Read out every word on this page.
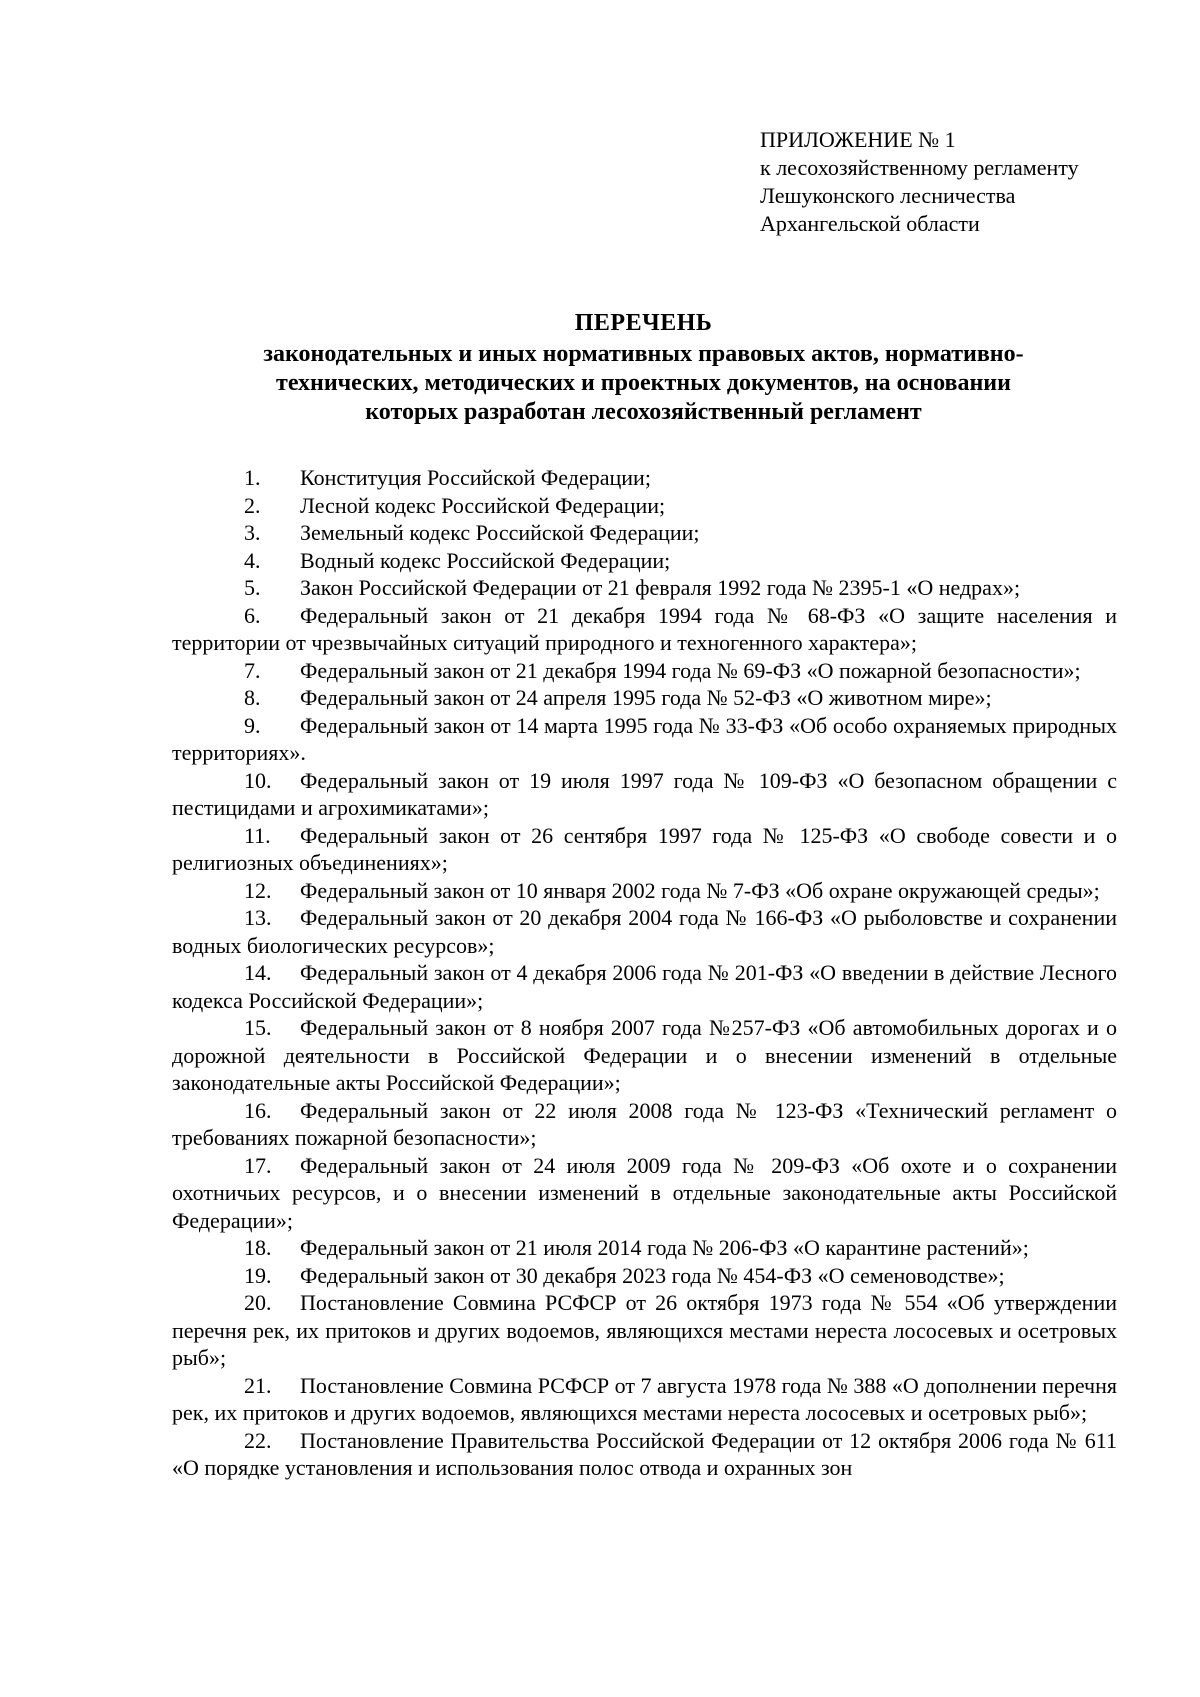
ПРИЛОЖЕНИЕ № 1
к лесохозяйственному регламенту
Лешуконского лесничества
Архангельской области
ПЕРЕЧЕНЬ
законодательных и иных нормативных правовых актов, нормативно-
технических, методических и проектных документов, на основании
которых разработан лесохозяйственный регламент
1. Конституция Российской Федерации;
2. Лесной кодекс Российской Федерации;
3. Земельный кодекс Российской Федерации;
4. Водный кодекс Российской Федерации;
5. Закон Российской Федерации от 21 февраля 1992 года № 2395-1 «О недрах»;
6. Федеральный закон от 21 декабря 1994 года № 68-ФЗ «О защите населения и территории от чрезвычайных ситуаций природного и техногенного характера»;
7. Федеральный закон от 21 декабря 1994 года № 69-ФЗ «О пожарной безопасности»;
8. Федеральный закон от 24 апреля 1995 года № 52-ФЗ «О животном мире»;
9. Федеральный закон от 14 марта 1995 года № 33-ФЗ «Об особо охраняемых природных территориях».
10. Федеральный закон от 19 июля 1997 года № 109-ФЗ «О безопасном обращении с пестицидами и агрохимикатами»;
11. Федеральный закон от 26 сентября 1997 года № 125-ФЗ «О свободе совести и о религиозных объединениях»;
12. Федеральный закон от 10 января 2002 года № 7-ФЗ «Об охране окружающей среды»;
13. Федеральный закон от 20 декабря 2004 года № 166-ФЗ «О рыболовстве и сохранении водных биологических ресурсов»;
14. Федеральный закон от 4 декабря 2006 года № 201-ФЗ «О введении в действие Лесного кодекса Российской Федерации»;
15. Федеральный закон от 8 ноября 2007 года №257-ФЗ «Об автомобильных дорогах и о дорожной деятельности в Российской Федерации и о внесении изменений в отдельные законодательные акты Российской Федерации»;
16. Федеральный закон от 22 июля 2008 года № 123-ФЗ «Технический регламент о требованиях пожарной безопасности»;
17. Федеральный закон от 24 июля 2009 года № 209-ФЗ «Об охоте и о сохранении охотничьих ресурсов, и о внесении изменений в отдельные законодательные акты Российской Федерации»;
18. Федеральный закон от 21 июля 2014 года № 206-ФЗ «О карантине растений»;
19. Федеральный закон от 30 декабря 2023 года № 454-ФЗ «О семеноводстве»;
20. Постановление Совмина РСФСР от 26 октября 1973 года № 554 «Об утверждении перечня рек, их притоков и других водоемов, являющихся местами нереста лососевых и осетровых рыб»;
21. Постановление Совмина РСФСР от 7 августа 1978 года № 388 «О дополнении перечня рек, их притоков и других водоемов, являющихся местами нереста лососевых и осетровых рыб»;
22. Постановление Правительства Российской Федерации от 12 октября 2006 года № 611 «О порядке установления и использования полос отвода и охранных зон
